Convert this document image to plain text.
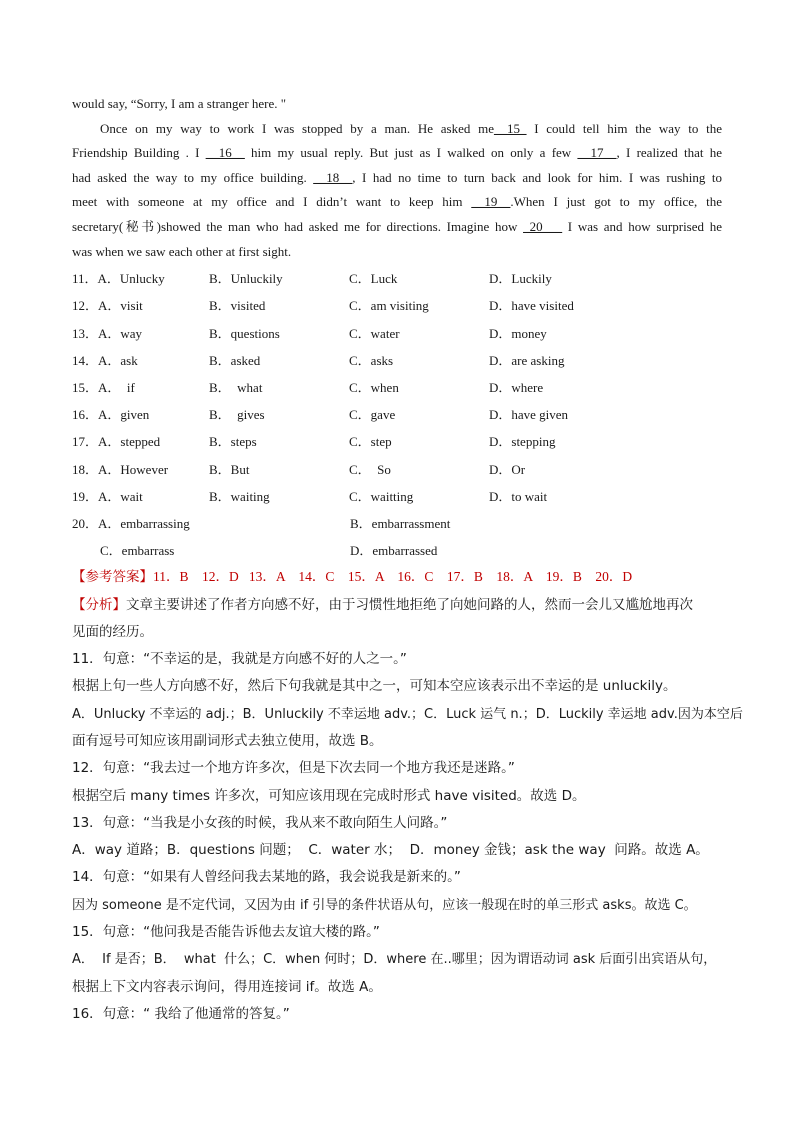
would say, “Sorry, I am a stranger here. "
Once on my way to work I was stopped by a man. He asked me__15_ I could tell him the way to the
Friendship Building . I __16__ him my usual reply. But just as I walked on only a few __17__, I realized that he
had asked the way to my office building. __18__, I had no time to turn back and look for him. I was rushing to
meet with someone at my office and I didn’t want to keep him __19__.When I just got to my office, the
secretary(秘书)showed the man who had asked me for directions. Imagine how _20___ I was and how surprised he
was when we saw each other at first sight.
11．A．Unlucky	B．Unluckily	C．Luck	D．Luckily
12．A．visit	B．visited	C．am visiting	D．have visited
13．A．way	B．questions	C．water	D．money
14．A．ask	B．asked	C．asks	D．are asking
15．A．  if	B．  what	C．when	D．where
16．A．given	B．  gives	C．gave	D．have given
17．A．stepped	B．steps	C．step	D．stepping
18．A．However	B．But	C．  So	D．Or
19．A．wait	B．waiting	C．waitting	D．to wait
20．A．embarrassing	B．embarrassment
C．embarrass	D．embarrassed
【参考答案】11．B    12．D   13．A    14．C    15．A    16．C    17．B    18．A    19．B    20．D
【分析】文章主要讲述了作者方向感不好，由于习惯性地拒绝了向她问路的人，然而一会儿又尴尬地再次
见面的经历。
11．句意：“不幸运的是，我就是方向感不好的人之一。”
根据上句一些人方向感不好，然后下句我就是其中之一，可知本空应该表示出不幸运的是 unluckily。
A．Unlucky 不幸运的 adj.；B．Unluckily 不幸运地 adv.；C．Luck 运气 n.；D．Luckily 幸运地 adv.因为本空后
面有逗号可知应该用副词形式去独立使用，故选 B。
12．句意：“我去过一个地方许多次，但是下次去同一个地方我还是迷路。”
根据空后 many times 许多次，可知应该用现在完成时形式 have visited。故选 D。
13．句意：“当我是小女孩的时候，我从来不敢向陌生人问路。”
A．way 道路；B．questions 问题；  C．water 水；  D．money 金钱；ask the way  问路。故选 A。
14．句意：“如果有人曾经问我去某地的路，我会说我是新来的。”
因为 someone 是不定代词，又因为由 if 引导的条件状语从句，应该一般现在时的单三形式 asks。故选 C。
15．句意：“他问我是否能告诉他去友谊大楼的路。”
A．  If 是否；B．  what  什么；C．when 何时；D．where 在..哪里；因为谓语动词 ask 后面引出宾语从句，
根据上下文内容表示询问，得用连接词 if。故选 A。
16．句意：“ 我给了他通常的答复。”
